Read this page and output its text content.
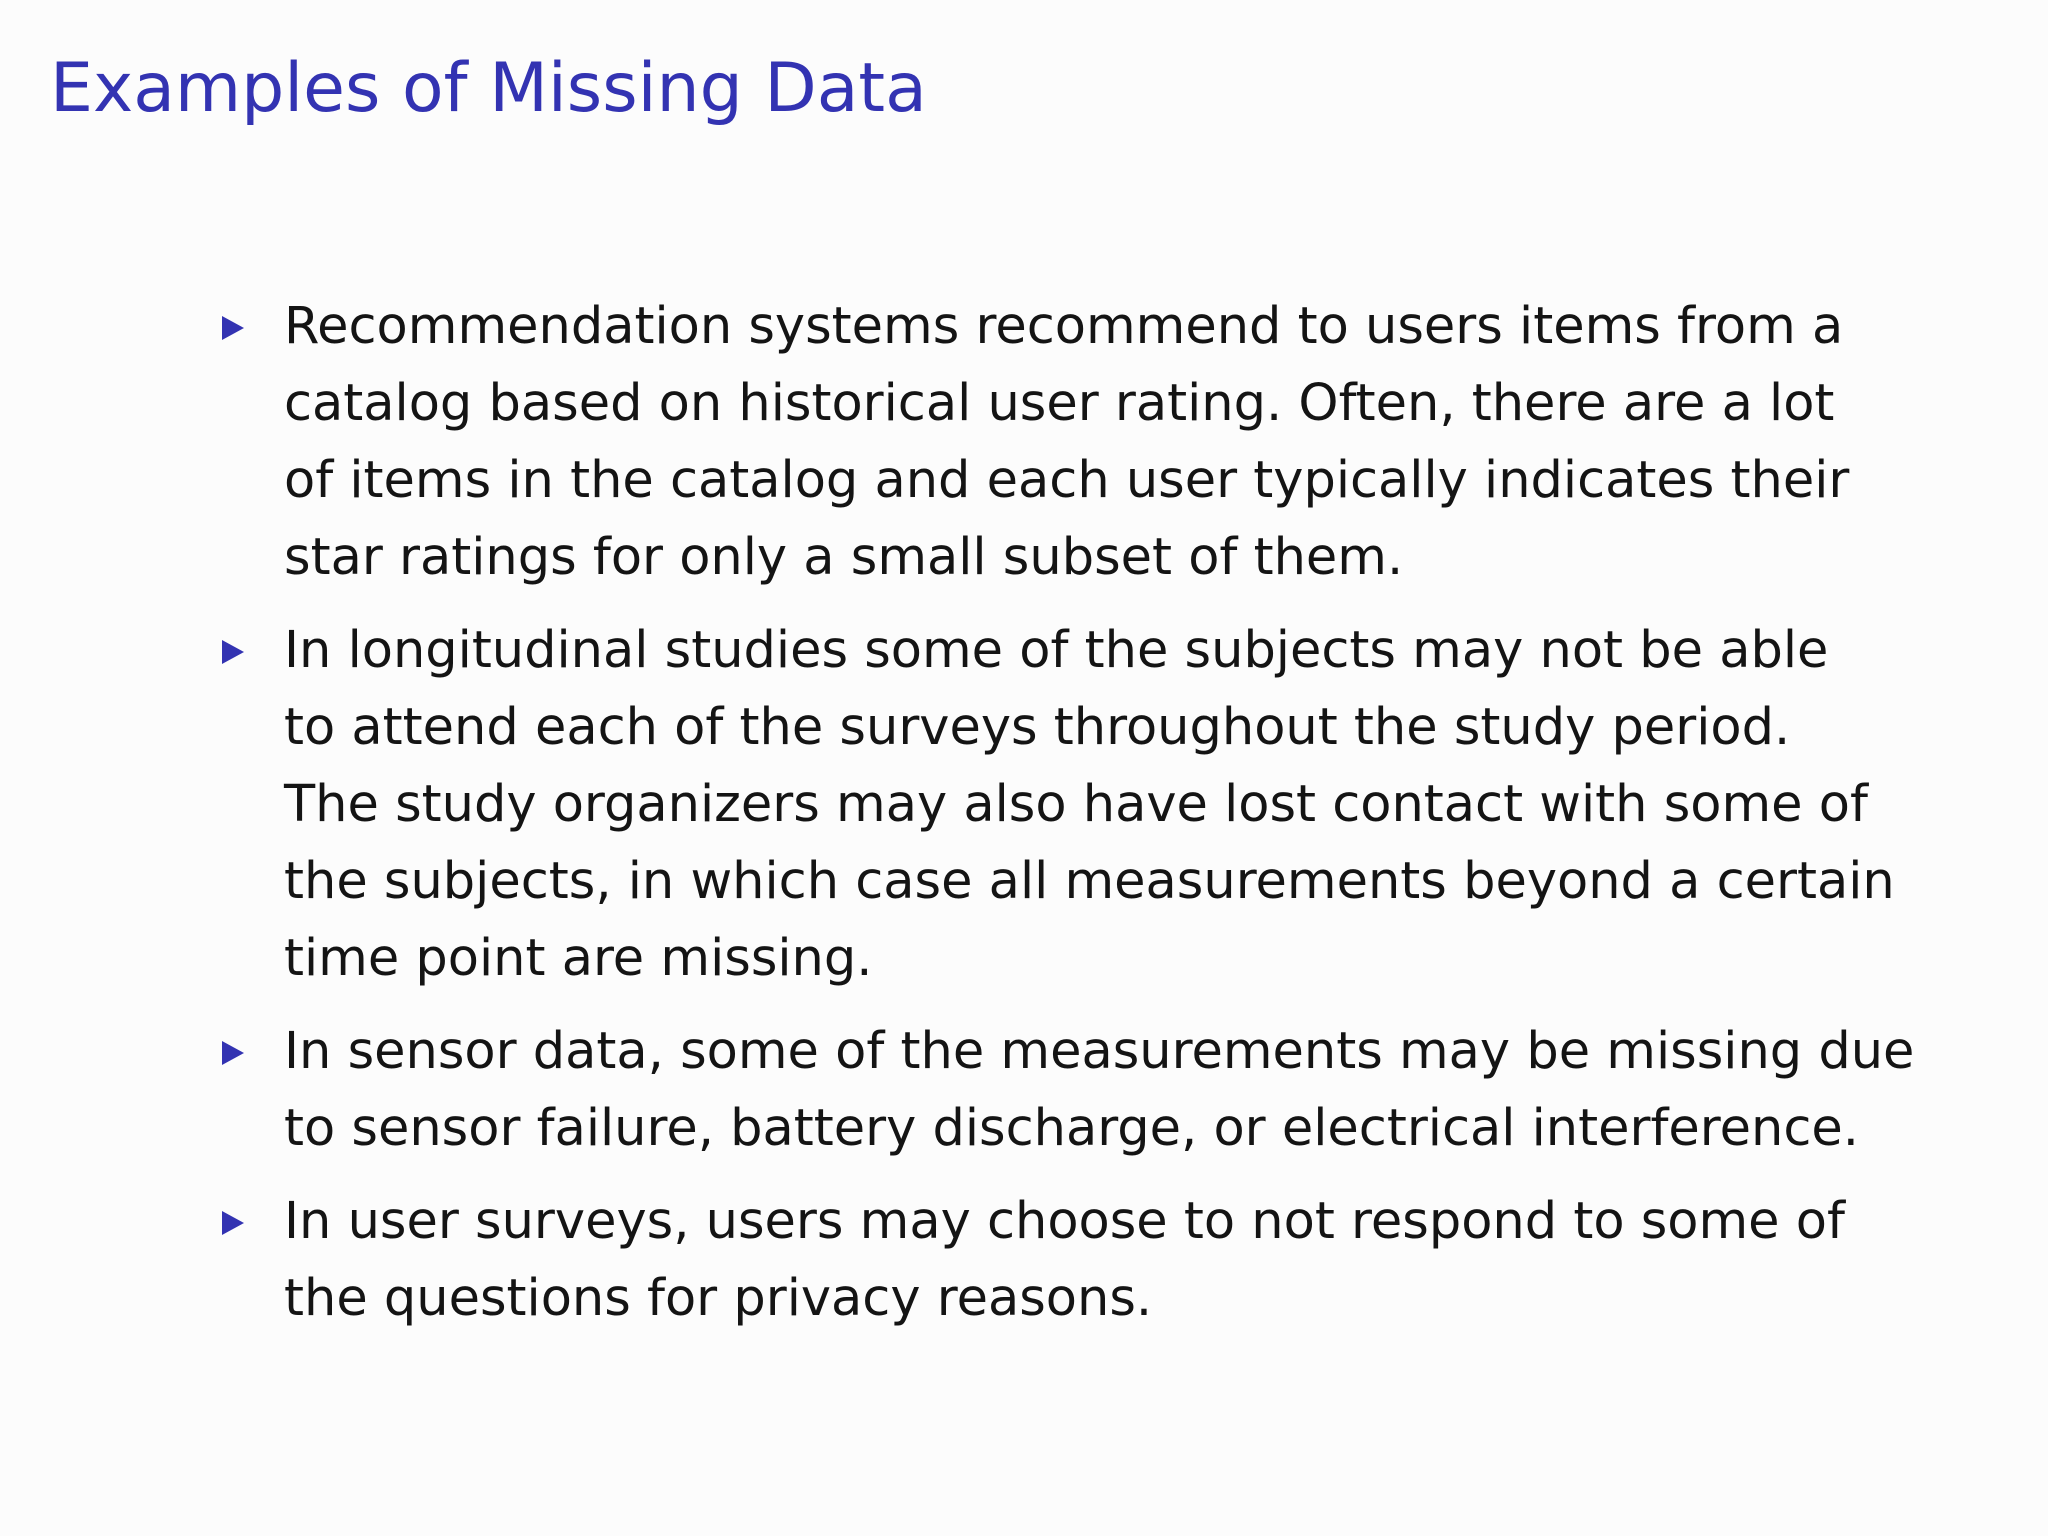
Examples of Missing Data
Recommendation systems recommend to users items from a
catalog based on historical user rating. Often, there are a lot
of items in the catalog and each user typically indicates their
star ratings for only a small subset of them.
In longitudinal studies some of the subjects may not be able
to attend each of the surveys throughout the study period.
The study organizers may also have lost contact with some of
the subjects, in which case all measurements beyond a certain
time point are missing.
In sensor data, some of the measurements may be missing due
to sensor failure, battery discharge, or electrical interference.
In user surveys, users may choose to not respond to some of
the questions for privacy reasons.
